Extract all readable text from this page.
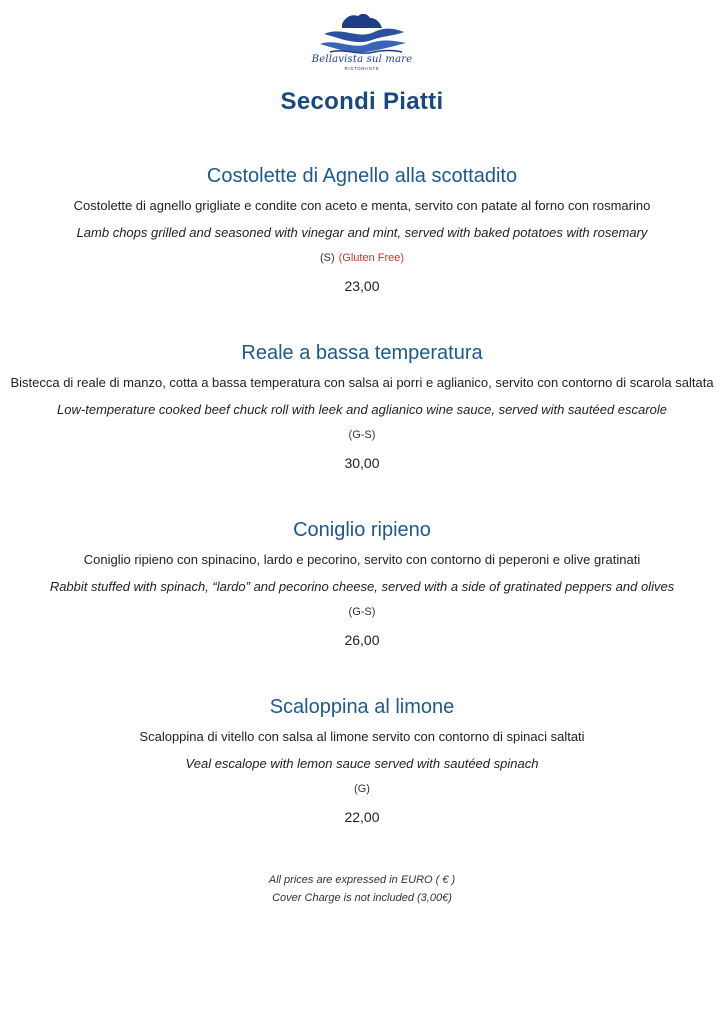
Bellavista sul mare
RISTORANTE
Secondi Piatti
Costolette di Agnello alla scottadito
Costolette di agnello grigliate e condite con aceto e menta, servito con patate al forno con rosmarino
Lamb chops grilled and seasoned with vinegar and mint, served with baked potatoes with rosemary
(S) (Gluten Free)
23,00
Reale a bassa temperatura
Bistecca di reale di manzo, cotta a bassa temperatura con salsa ai porri e aglianico, servito con contorno di scarola saltata
Low-temperature cooked beef chuck roll with leek and aglianico wine sauce, served with sautéed escarole
(G-S)
30,00
Coniglio ripieno
Coniglio ripieno con spinacino, lardo e pecorino, servito con contorno di peperoni e olive gratinati
Rabbit stuffed with spinach, “lardo” and pecorino cheese, served with a side of gratinated peppers and olives
(G-S)
26,00
Scaloppina al limone
Scaloppina di vitello con salsa al limone servito con contorno di spinaci saltati
Veal escalope with lemon sauce served with sautéed spinach
(G)
22,00
All prices are expressed in EURO ( € )
Cover Charge is not included (3,00€)
